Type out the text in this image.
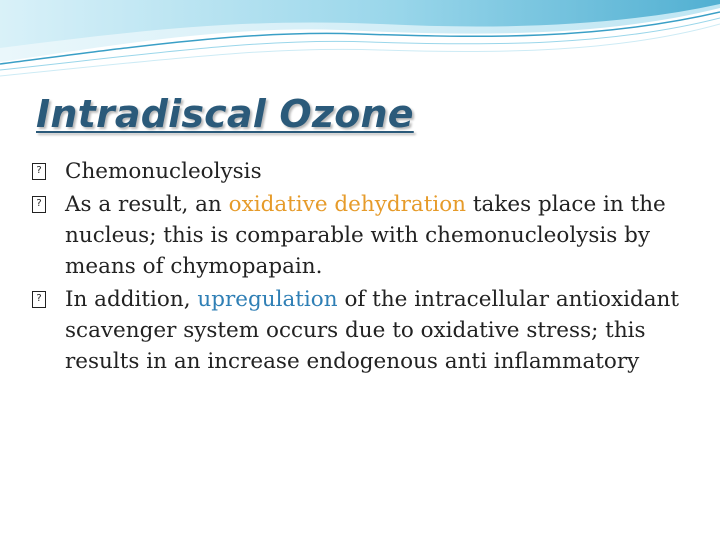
Intradiscal Ozone

? Chemonucleolysis

? As a result, an oxidative dehydration takes place in the nucleus; this is comparable with chemonucleolysis by means of chymopapain.

? In addition, upregulation of the intracellular antioxidant scavenger system occurs due to oxidative stress; this results in an increase endogenous anti inflammatory
